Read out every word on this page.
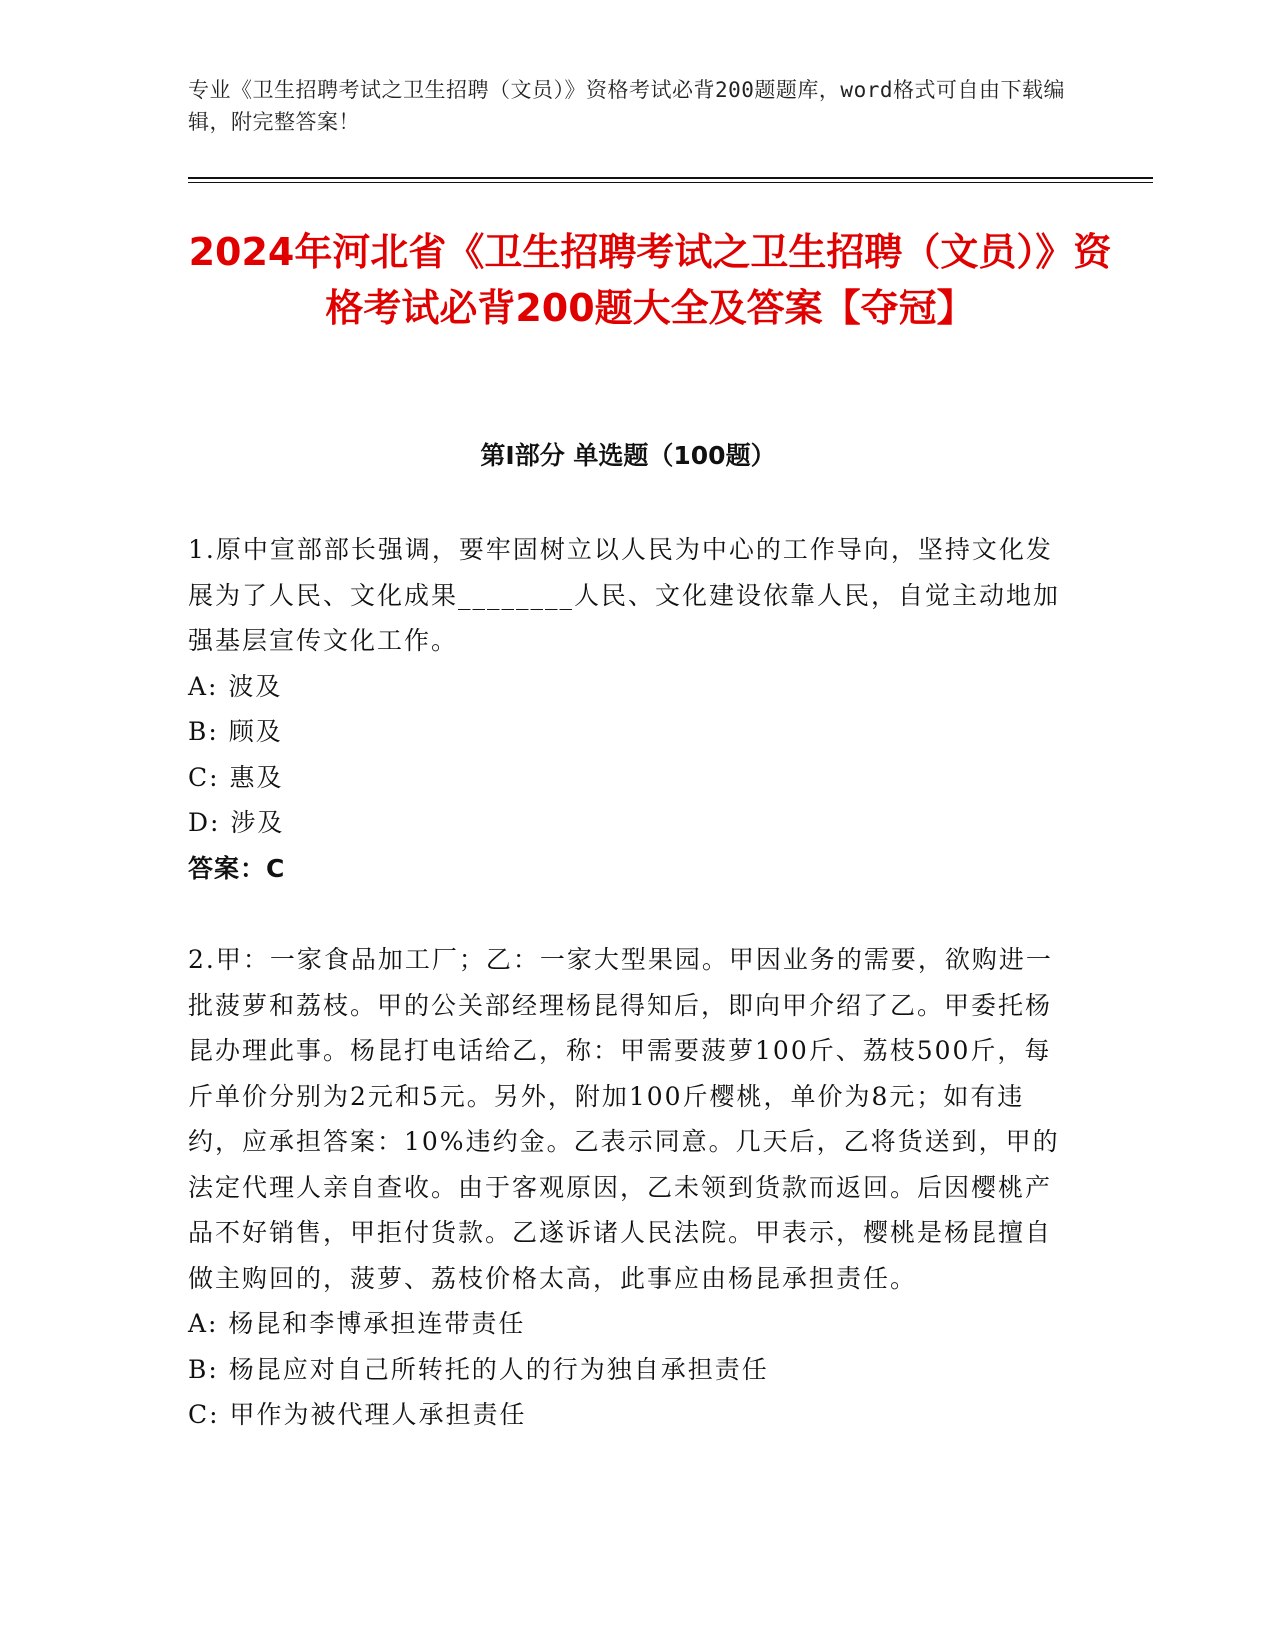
专业《卫生招聘考试之卫生招聘（文员）》资格考试必背200题题库，word格式可自由下载编辑，附完整答案！
2024年河北省《卫生招聘考试之卫生招聘（文员）》资格考试必背200题大全及答案【夺冠】
第Ⅰ部分 单选题（100题）

1.原中宣部部长强调，要牢固树立以人民为中心的工作导向，坚持文化发展为了人民、文化成果________人民、文化建设依靠人民，自觉主动地加强基层宣传文化工作。

A: 波及

B: 顾及

C: 惠及

D: 涉及

答案：C

2.甲：一家食品加工厂；乙：一家大型果园。甲因业务的需要，欲购进一批菠萝和荔枝。甲的公关部经理杨昆得知后，即向甲介绍了乙。甲委托杨昆办理此事。杨昆打电话给乙，称：甲需要菠萝100斤、荔枝500斤，每斤单价分别为2元和5元。另外，附加100斤樱桃，单价为8元；如有违约，应承担答案：10%违约金。乙表示同意。几天后，乙将货送到，甲的法定代理人亲自查收。由于客观原因，乙未领到货款而返回。后因樱桃产品不好销售，甲拒付货款。乙遂诉诸人民法院。甲表示，樱桃是杨昆擅自做主购回的，菠萝、荔枝价格太高，此事应由杨昆承担责任。

A: 杨昆和李博承担连带责任

B: 杨昆应对自己所转托的人的行为独自承担责任

C: 甲作为被代理人承担责任
